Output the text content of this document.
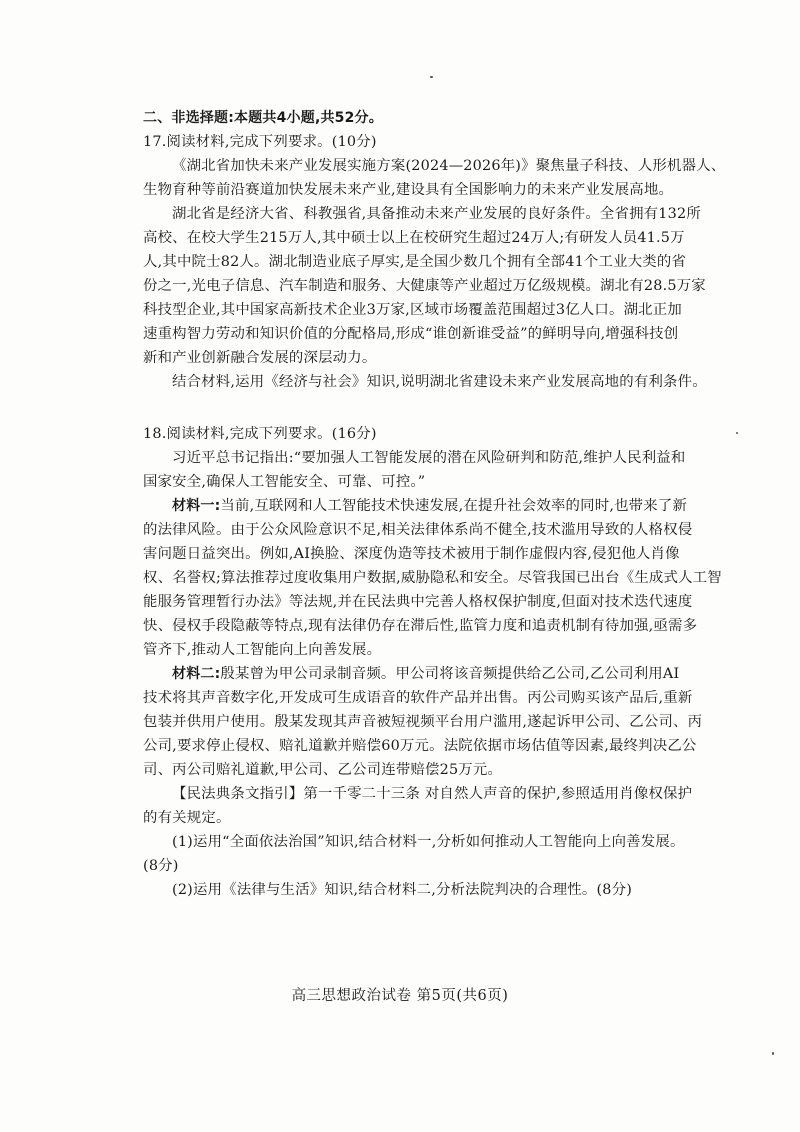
二、非选择题:本题共4小题,共52分。
17.阅读材料,完成下列要求。(10分)
《湖北省加快未来产业发展实施方案(2024—2026年)》聚焦量子科技、人形机器人、
生物育种等前沿赛道加快发展未来产业,建设具有全国影响力的未来产业发展高地。
湖北省是经济大省、科教强省,具备推动未来产业发展的良好条件。全省拥有132所
高校、在校大学生215万人,其中硕士以上在校研究生超过24万人;有研发人员41.5万
人,其中院士82人。湖北制造业底子厚实,是全国少数几个拥有全部41个工业大类的省
份之一,光电子信息、汽车制造和服务、大健康等产业超过万亿级规模。湖北有28.5万家
科技型企业,其中国家高新技术企业3万家,区域市场覆盖范围超过3亿人口。湖北正加
速重构智力劳动和知识价值的分配格局,形成“谁创新谁受益”的鲜明导向,增强科技创
新和产业创新融合发展的深层动力。
结合材料,运用《经济与社会》知识,说明湖北省建设未来产业发展高地的有利条件。
18.阅读材料,完成下列要求。(16分)
习近平总书记指出:“要加强人工智能发展的潜在风险研判和防范,维护人民利益和
国家安全,确保人工智能安全、可靠、可控。”
材料一:当前,互联网和人工智能技术快速发展,在提升社会效率的同时,也带来了新
的法律风险。由于公众风险意识不足,相关法律体系尚不健全,技术滥用导致的人格权侵
害问题日益突出。例如,AI换脸、深度伪造等技术被用于制作虚假内容,侵犯他人肖像
权、名誉权;算法推荐过度收集用户数据,威胁隐私和安全。尽管我国已出台《生成式人工智
能服务管理暂行办法》等法规,并在民法典中完善人格权保护制度,但面对技术迭代速度
快、侵权手段隐蔽等特点,现有法律仍存在滞后性,监管力度和追责机制有待加强,亟需多
管齐下,推动人工智能向上向善发展。
材料二:殷某曾为甲公司录制音频。甲公司将该音频提供给乙公司,乙公司利用AI
技术将其声音数字化,开发成可生成语音的软件产品并出售。丙公司购买该产品后,重新
包装并供用户使用。殷某发现其声音被短视频平台用户滥用,遂起诉甲公司、乙公司、丙
公司,要求停止侵权、赔礼道歉并赔偿60万元。法院依据市场估值等因素,最终判决乙公
司、丙公司赔礼道歉,甲公司、乙公司连带赔偿25万元。
【民法典条文指引】第一千零二十三条 对自然人声音的保护,参照适用肖像权保护
的有关规定。
(1)运用“全面依法治国”知识,结合材料一,分析如何推动人工智能向上向善发展。
(8分)
(2)运用《法律与生活》知识,结合材料二,分析法院判决的合理性。(8分)
高三思想政治试卷 第5页(共6页)
